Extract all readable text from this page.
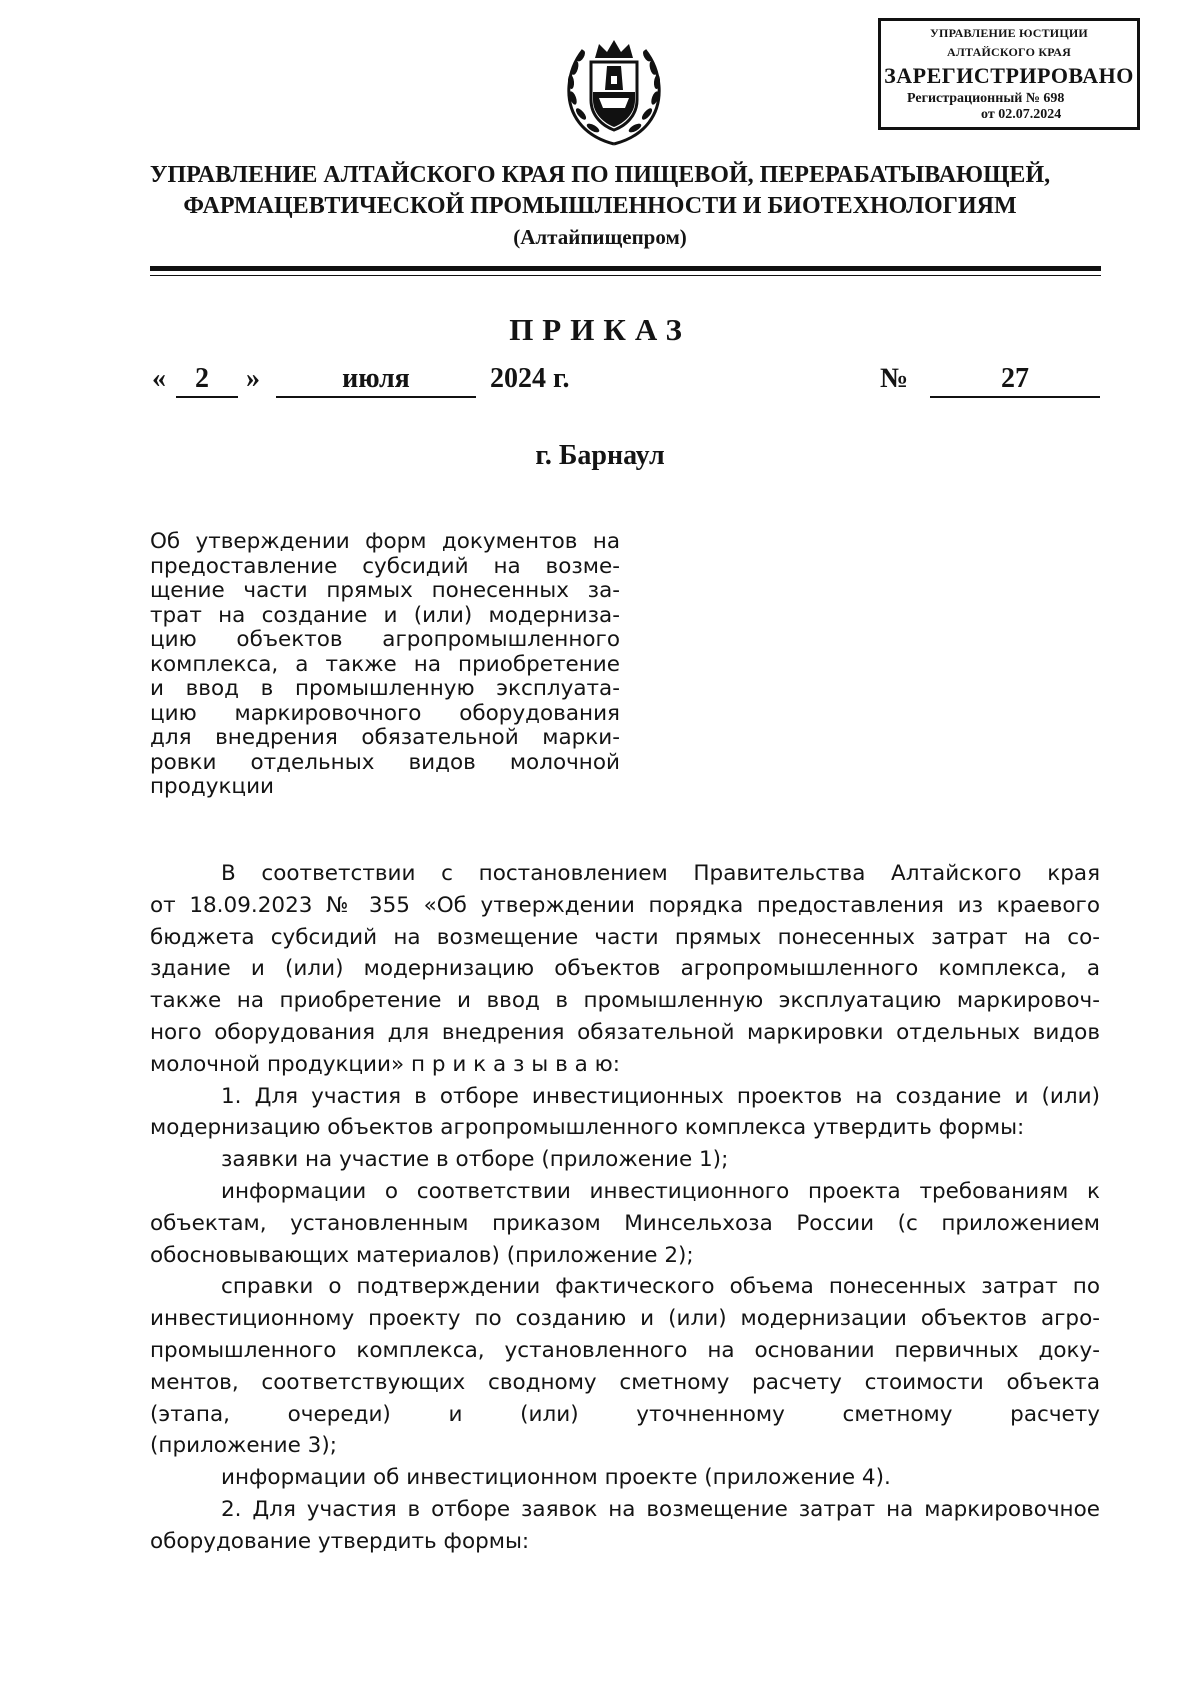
УПРАВЛЕНИЕ ЮСТИЦИИ
АЛТАЙСКОГО КРАЯ
ЗАРЕГИСТРИРОВАНО
Регистрационный № 698
от 02.07.2024
УПРАВЛЕНИЕ АЛТАЙСКОГО КРАЯ ПО ПИЩЕВОЙ, ПЕРЕРАБАТЫВАЮЩЕЙ,
ФАРМАЦЕВТИЧЕСКОЙ ПРОМЫШЛЕННОСТИ И БИОТЕХНОЛОГИЯМ
(Алтайпищепром)
ПРИКАЗ
«	2	»	июля	2024 г.	№	27
г. Барнаул
Об утверждении форм документов на
предоставление субсидий на возме-
щение части прямых понесенных за-
трат на создание и (или) модерниза-
цию объектов агропромышленного
комплекса, а также на приобретение
и ввод в промышленную эксплуата-
цию маркировочного оборудования
для внедрения обязательной марки-
ровки отдельных видов молочной
продукции
В соответствии с постановлением Правительства Алтайского края
от 18.09.2023 № 355 «Об утверждении порядка предоставления из краевого
бюджета субсидий на возмещение части прямых понесенных затрат на со-
здание и (или) модернизацию объектов агропромышленного комплекса, а
также на приобретение и ввод в промышленную эксплуатацию маркировоч-
ного оборудования для внедрения обязательной маркировки отдельных видов
молочной продукции» п р и к а з ы в а ю:
1. Для участия в отборе инвестиционных проектов на создание и (или)
модернизацию объектов агропромышленного комплекса утвердить формы:
заявки на участие в отборе (приложение 1);
информации о соответствии инвестиционного проекта требованиям к
объектам, установленным приказом Минсельхоза России (с приложением
обосновывающих материалов) (приложение 2);
справки о подтверждении фактического объема понесенных затрат по
инвестиционному проекту по созданию и (или) модернизации объектов агро-
промышленного комплекса, установленного на основании первичных доку-
ментов, соответствующих сводному сметному расчету стоимости объекта
(этапа, очереди) и (или) уточненному сметному расчету
(приложение 3);
информации об инвестиционном проекте (приложение 4).
2. Для участия в отборе заявок на возмещение затрат на маркировочное
оборудование утвердить формы:
